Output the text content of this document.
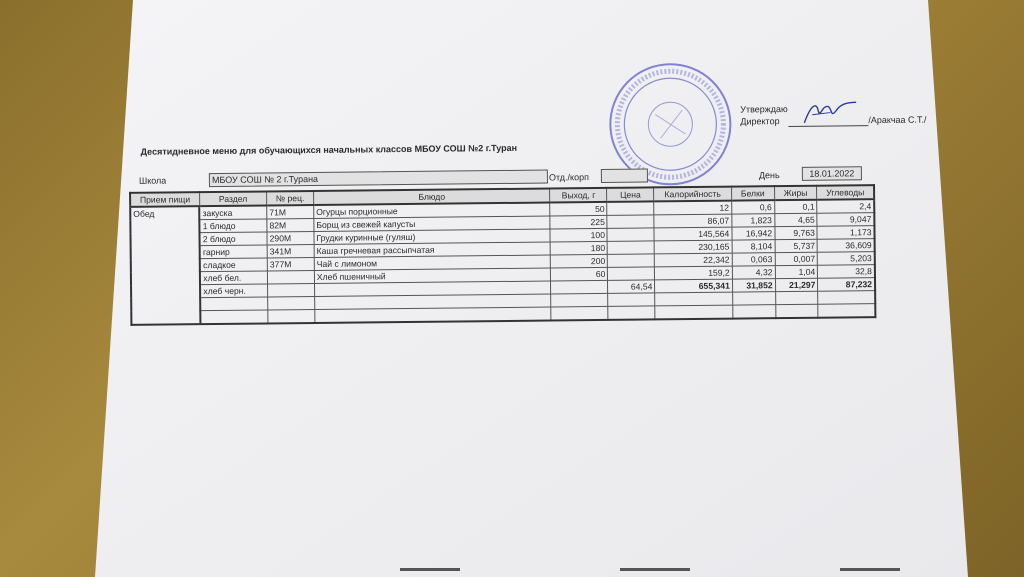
Утверждаю
Директор	/Аракчаа С.Т./
Десятидневное меню для обучающихся начальных классов МБОУ СОШ №2 г.Туран
Школа	МБОУ СОШ № 2 г.Турана	Отд./корп	День	18.01.2022
Прием пищи	Раздел	№ рец.	Блюдо	Выход, г	Цена	Калорийность	Белки	Жиры	Углеводы
Обед	закуска	71М	Огурцы порционные	50		12	0,6	0,1	2,4
	1 блюдо	82М	Борщ из свежей капусты	225		86,07	1,823	4,65	9,047
	2 блюдо	290М	Грудки куринные (гуляш)	100		145,564	16,942	9,763	1,173
	гарнир	341М	Каша гречневая рассыпчатая	180		230,165	8,104	5,737	36,609
	сладкое	377М	Чай с лимоном	200		22,342	0,063	0,007	5,203
	хлеб бел.		Хлеб пшеничный	60		159,2	4,32	1,04	32,8
	хлеб черн.				64,54	655,341	31,852	21,297	87,232
